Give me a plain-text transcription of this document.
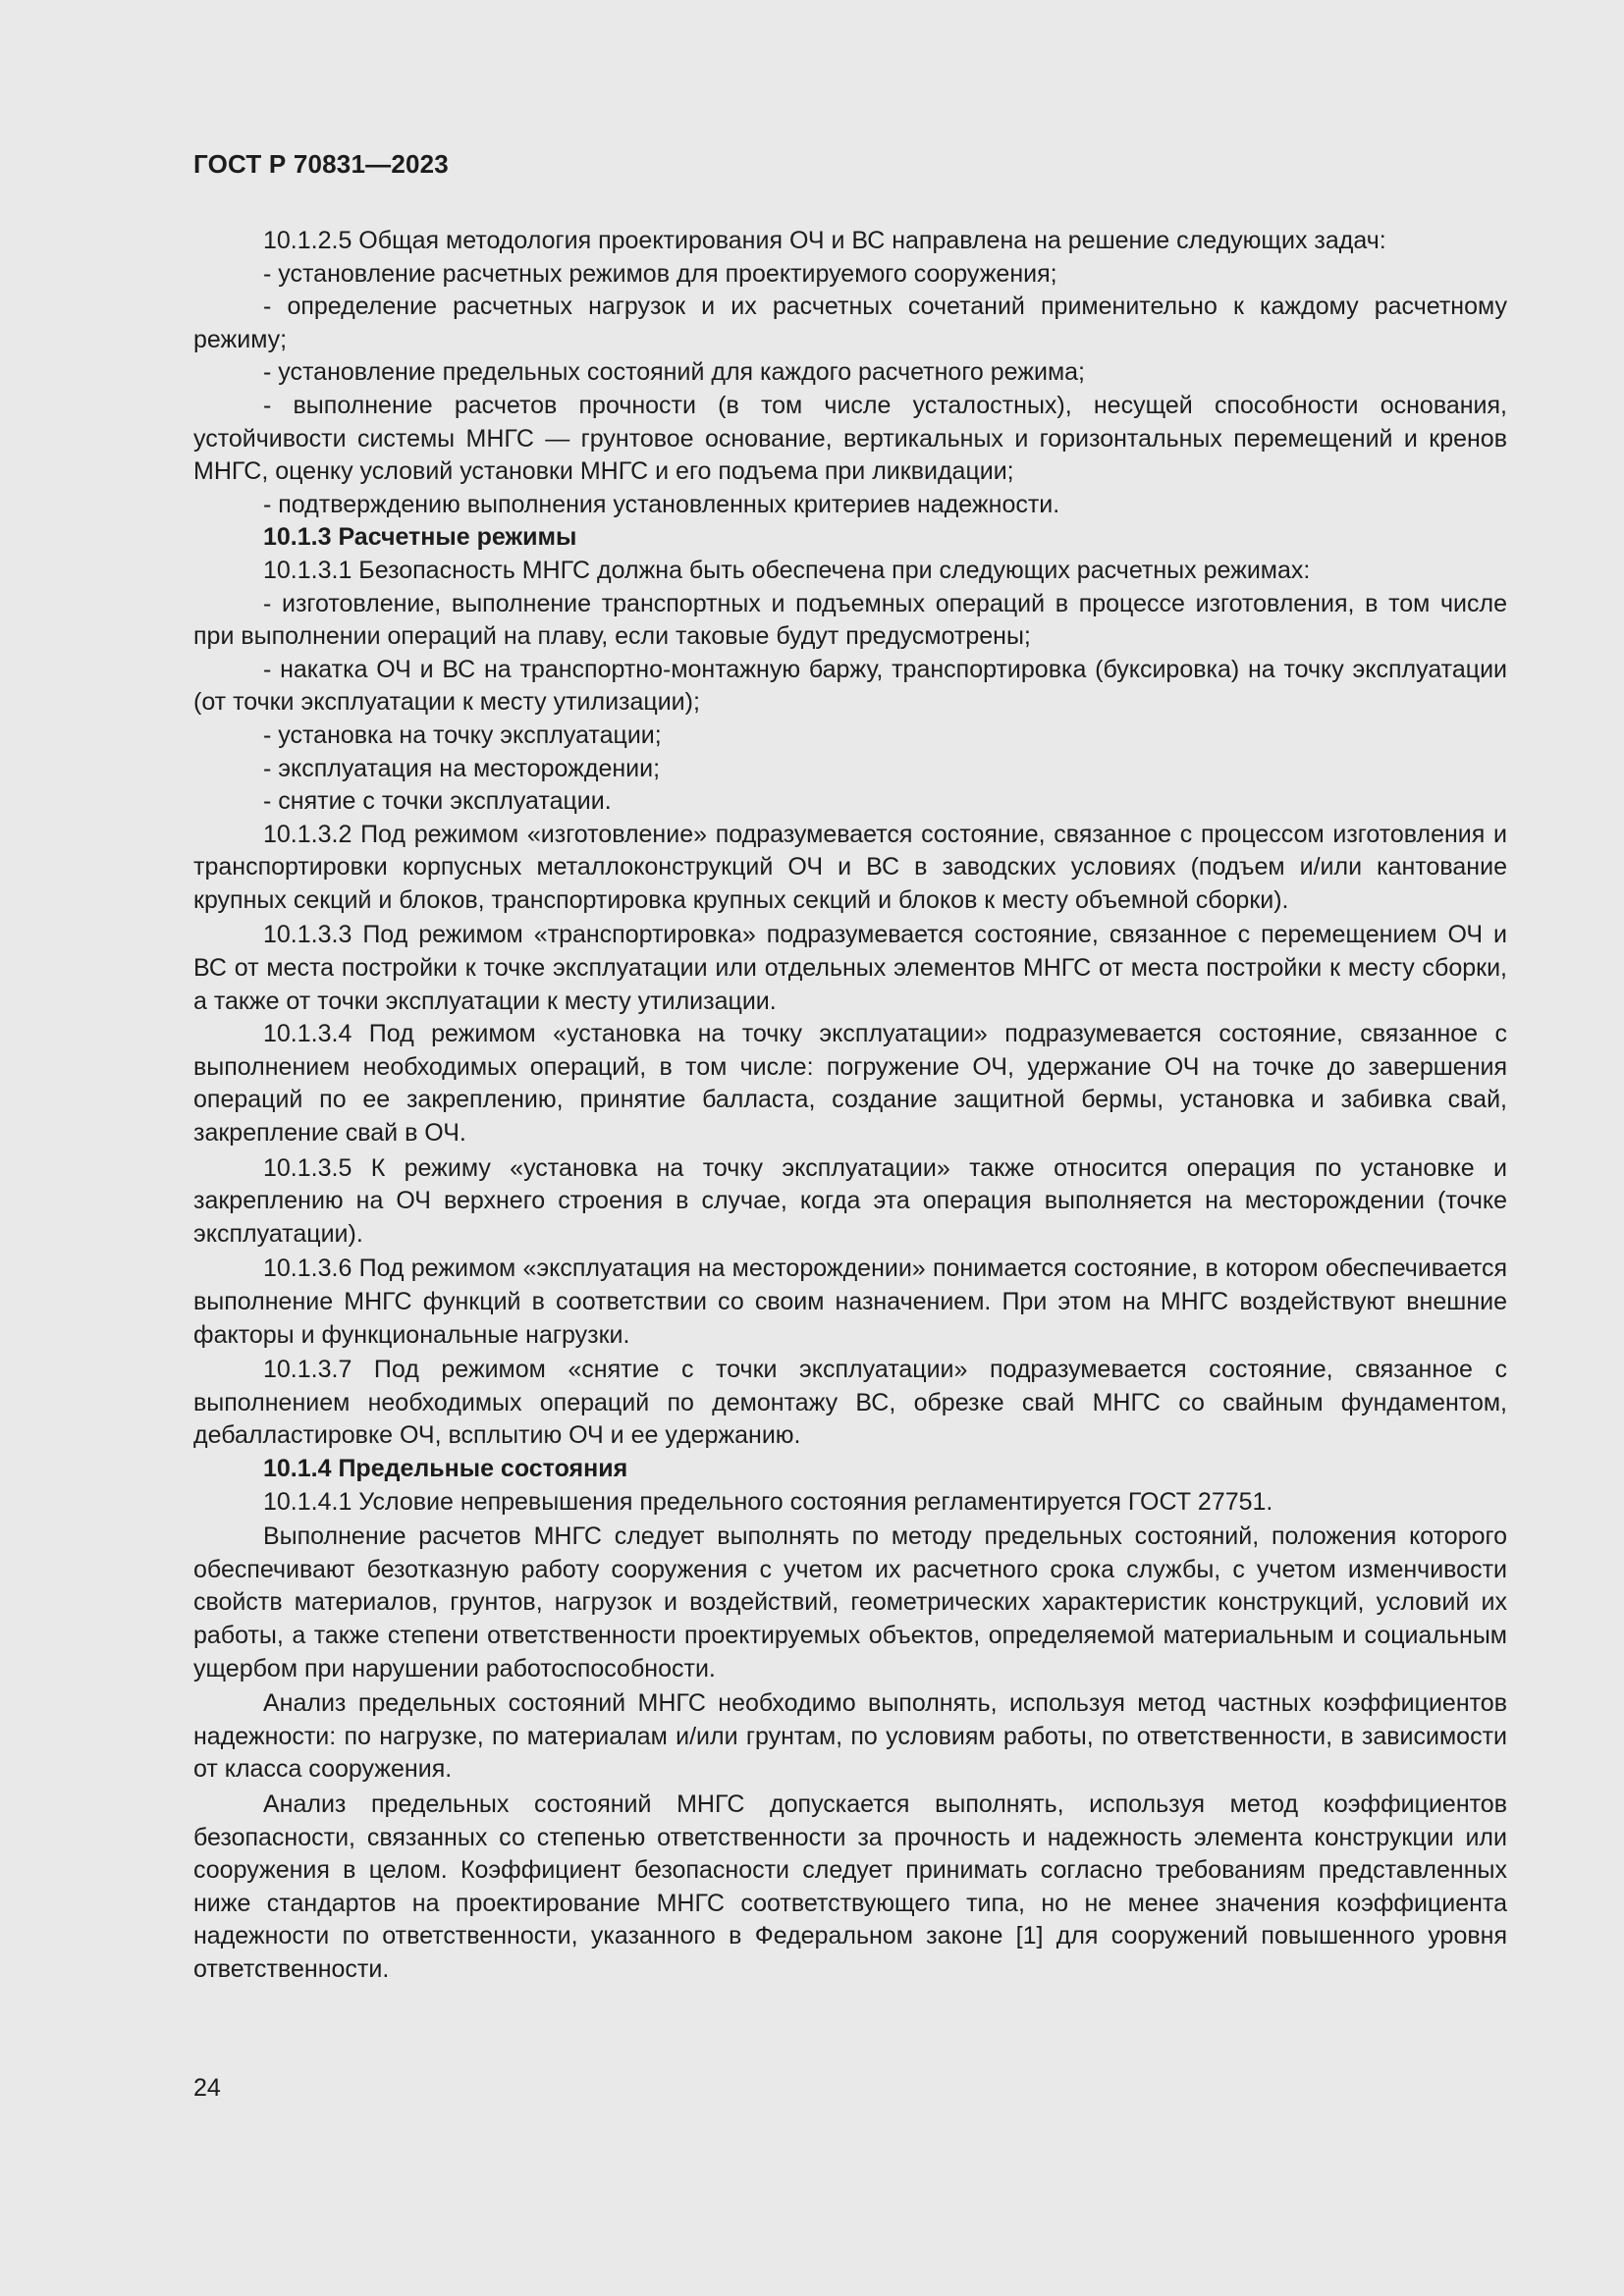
ГОСТ Р 70831—2023

10.1.2.5 Общая методология проектирования ОЧ и ВС направлена на решение следующих задач:

- установление расчетных режимов для проектируемого сооружения;

- определение расчетных нагрузок и их расчетных сочетаний применительно к каждому расчетному режиму;

- установление предельных состояний для каждого расчетного режима;

- выполнение расчетов прочности (в том числе усталостных), несущей способности основания, устойчивости системы МНГС — грунтовое основание, вертикальных и горизонтальных перемещений и кренов МНГС, оценку условий установки МНГС и его подъема при ликвидации;

- подтверждению выполнения установленных критериев надежности.

10.1.3 Расчетные режимы

10.1.3.1 Безопасность МНГС должна быть обеспечена при следующих расчетных режимах:

- изготовление, выполнение транспортных и подъемных операций в процессе изготовления, в том числе при выполнении операций на плаву, если таковые будут предусмотрены;

- накатка ОЧ и ВС на транспортно-монтажную баржу, транспортировка (буксировка) на точку эксплуатации (от точки эксплуатации к месту утилизации);

- установка на точку эксплуатации;

- эксплуатация на месторождении;

- снятие с точки эксплуатации.

10.1.3.2 Под режимом «изготовление» подразумевается состояние, связанное с процессом изготовления и транспортировки корпусных металлоконструкций ОЧ и ВС в заводских условиях (подъем и/или кантование крупных секций и блоков, транспортировка крупных секций и блоков к месту объемной сборки).

10.1.3.3 Под режимом «транспортировка» подразумевается состояние, связанное с перемещением ОЧ и ВС от места постройки к точке эксплуатации или отдельных элементов МНГС от места постройки к месту сборки, а также от точки эксплуатации к месту утилизации.

10.1.3.4 Под режимом «установка на точку эксплуатации» подразумевается состояние, связанное с выполнением необходимых операций, в том числе: погружение ОЧ, удержание ОЧ на точке до завершения операций по ее закреплению, принятие балласта, создание защитной бермы, установка и забивка свай, закрепление свай в ОЧ.

10.1.3.5 К режиму «установка на точку эксплуатации» также относится операция по установке и закреплению на ОЧ верхнего строения в случае, когда эта операция выполняется на месторождении (точке эксплуатации).

10.1.3.6 Под режимом «эксплуатация на месторождении» понимается состояние, в котором обеспечивается выполнение МНГС функций в соответствии со своим назначением. При этом на МНГС воздействуют внешние факторы и функциональные нагрузки.

10.1.3.7 Под режимом «снятие с точки эксплуатации» подразумевается состояние, связанное с выполнением необходимых операций по демонтажу ВС, обрезке свай МНГС со свайным фундаментом, дебалластировке ОЧ, всплытию ОЧ и ее удержанию.

10.1.4 Предельные состояния

10.1.4.1 Условие непревышения предельного состояния регламентируется ГОСТ 27751.

Выполнение расчетов МНГС следует выполнять по методу предельных состояний, положения которого обеспечивают безотказную работу сооружения с учетом их расчетного срока службы, с учетом изменчивости свойств материалов, грунтов, нагрузок и воздействий, геометрических характеристик конструкций, условий их работы, а также степени ответственности проектируемых объектов, определяемой материальным и социальным ущербом при нарушении работоспособности.

Анализ предельных состояний МНГС необходимо выполнять, используя метод частных коэффициентов надежности: по нагрузке, по материалам и/или грунтам, по условиям работы, по ответственности, в зависимости от класса сооружения.

Анализ предельных состояний МНГС допускается выполнять, используя метод коэффициентов безопасности, связанных со степенью ответственности за прочность и надежность элемента конструкции или сооружения в целом. Коэффициент безопасности следует принимать согласно требованиям представленных ниже стандартов на проектирование МНГС соответствующего типа, но не менее значения коэффициента надежности по ответственности, указанного в Федеральном законе [1] для сооружений повышенного уровня ответственности.

24
